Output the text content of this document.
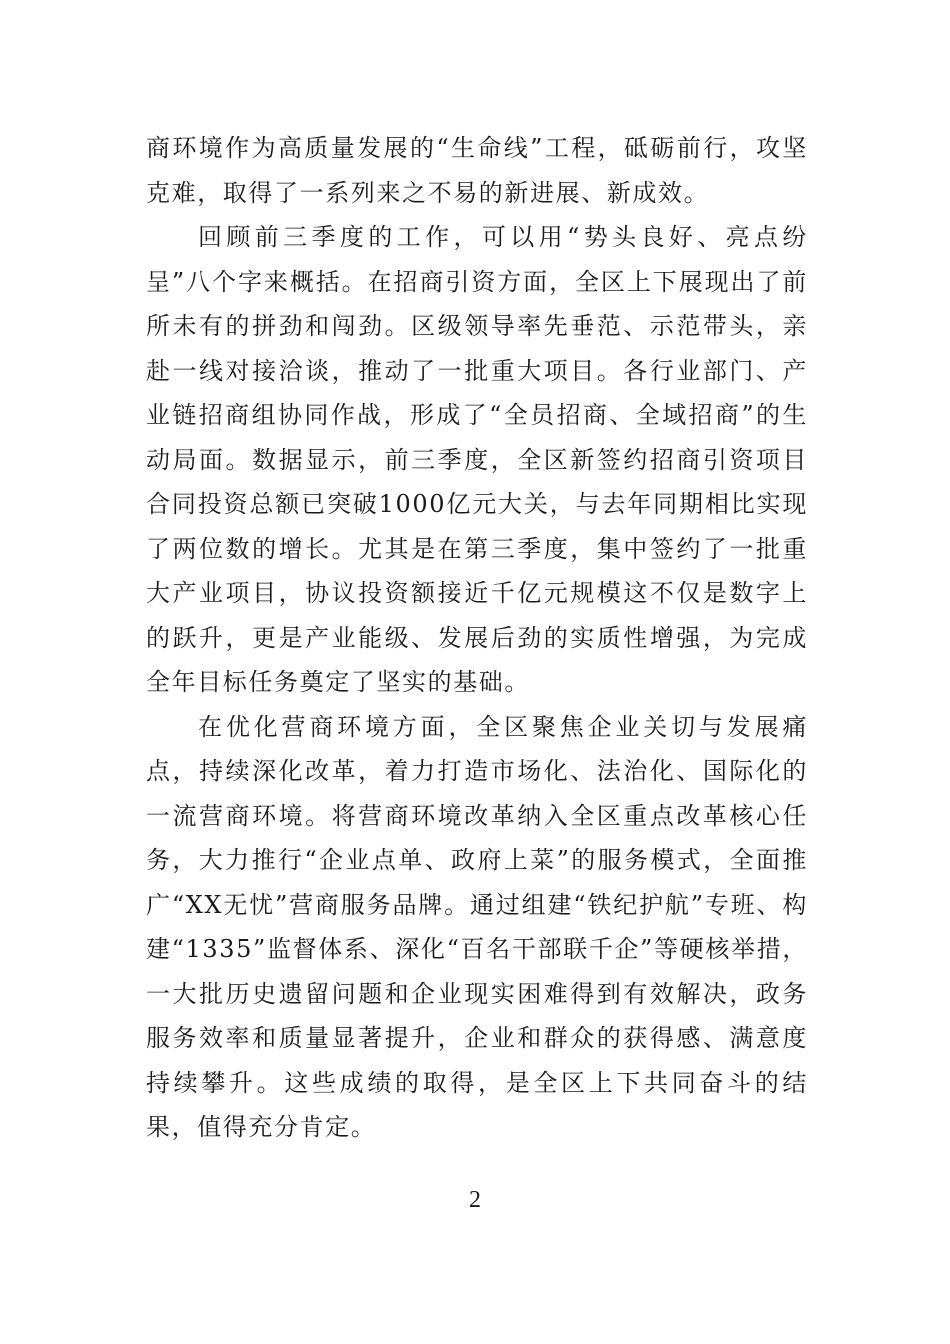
商环境作为高质量发展的“生命线”工程，砥砺前行，攻坚克难，取得了一系列来之不易的新进展、新成效。

回顾前三季度的工作，可以用“势头良好、亮点纷呈”八个字来概括。在招商引资方面，全区上下展现出了前所未有的拼劲和闯劲。区级领导率先垂范、示范带头，亲赴一线对接洽谈，推动了一批重大项目。各行业部门、产业链招商组协同作战，形成了“全员招商、全域招商”的生动局面。数据显示，前三季度，全区新签约招商引资项目合同投资总额已突破1000亿元大关，与去年同期相比实现了两位数的增长。尤其是在第三季度，集中签约了一批重大产业项目，协议投资额接近千亿元规模这不仅是数字上的跃升，更是产业能级、发展后劲的实质性增强，为完成全年目标任务奠定了坚实的基础。

在优化营商环境方面，全区聚焦企业关切与发展痛点，持续深化改革，着力打造市场化、法治化、国际化的一流营商环境。将营商环境改革纳入全区重点改革核心任务，大力推行“企业点单、政府上菜”的服务模式，全面推广“XX无忧”营商服务品牌。通过组建“铁纪护航”专班、构建“1335”监督体系、深化“百名干部联千企”等硬核举措，一大批历史遗留问题和企业现实困难得到有效解决，政务服务效率和质量显著提升，企业和群众的获得感、满意度持续攀升。这些成绩的取得，是全区上下共同奋斗的结果，值得充分肯定。

2
